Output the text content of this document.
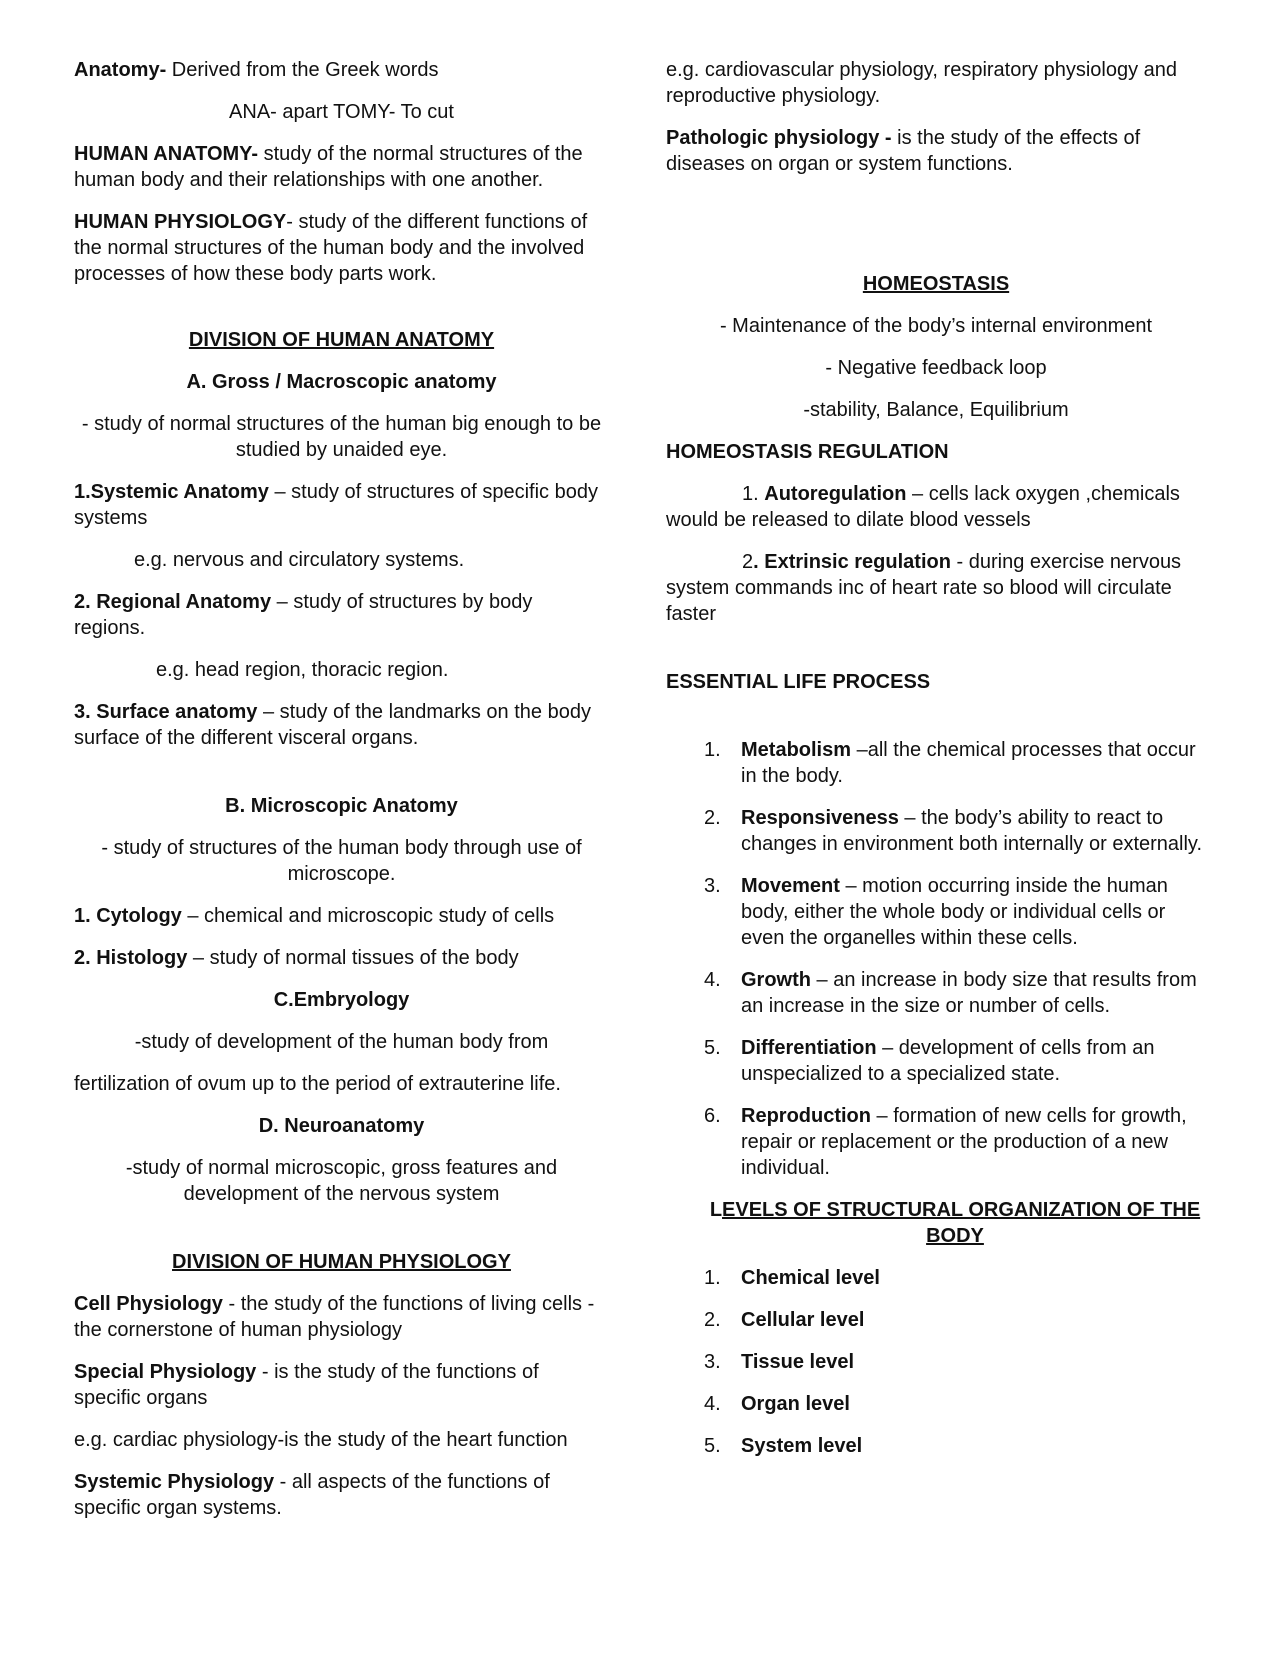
Anatomy- Derived from the Greek words

ANA- apart TOMY- To cut

HUMAN ANATOMY- study of the normal structures of the human body and their relationships with one another.

HUMAN PHYSIOLOGY- study of the different functions of the normal structures of the human body and the involved processes of how these body parts work.

DIVISION OF HUMAN ANATOMY

A. Gross / Macroscopic anatomy

- study of normal structures of the human big enough to be studied by unaided eye.

1.Systemic Anatomy – study of structures of specific body systems

e.g. nervous and circulatory systems.

2. Regional Anatomy – study of structures by body regions.

e.g. head region, thoracic region.

3. Surface anatomy – study of the landmarks on the body surface of the different visceral organs.

B. Microscopic Anatomy

- study of structures of the human body through use of microscope.

1. Cytology – chemical and microscopic study of cells

2. Histology – study of normal tissues of the body

C.Embryology

-study of development of the human body from

fertilization of ovum up to the period of extrauterine life.

D. Neuroanatomy

-study of normal microscopic, gross features and development of the nervous system

DIVISION OF HUMAN PHYSIOLOGY

Cell Physiology - the study of the functions of living cells - the cornerstone of human physiology

Special Physiology - is the study of the functions of specific organs

e.g. cardiac physiology-is the study of the heart function

Systemic Physiology - all aspects of the functions of specific organ systems.

e.g. cardiovascular physiology, respiratory physiology and reproductive physiology.

Pathologic physiology - is the study of the effects of diseases on organ or system functions.

HOMEOSTASIS

- Maintenance of the body’s internal environment

- Negative feedback loop

-stability, Balance, Equilibrium

HOMEOSTASIS REGULATION

1. Autoregulation – cells lack oxygen ,chemicals would be released to dilate blood vessels

2. Extrinsic regulation - during exercise nervous system commands inc of heart rate so blood will circulate faster

ESSENTIAL LIFE PROCESS

1. Metabolism –all the chemical processes that occur in the body.
2. Responsiveness – the body’s ability to react to changes in environment both internally or externally.
3. Movement – motion occurring inside the human body, either the whole body or individual cells or even the organelles within these cells.
4. Growth – an increase in body size that results from an increase in the size or number of cells.
5. Differentiation – development of cells from an unspecialized to a specialized state.
6. Reproduction – formation of new cells for growth, repair or replacement or the production of a new individual.

LEVELS OF STRUCTURAL ORGANIZATION OF THE BODY

1. Chemical level
2. Cellular level
3. Tissue level
4. Organ level
5. System level
